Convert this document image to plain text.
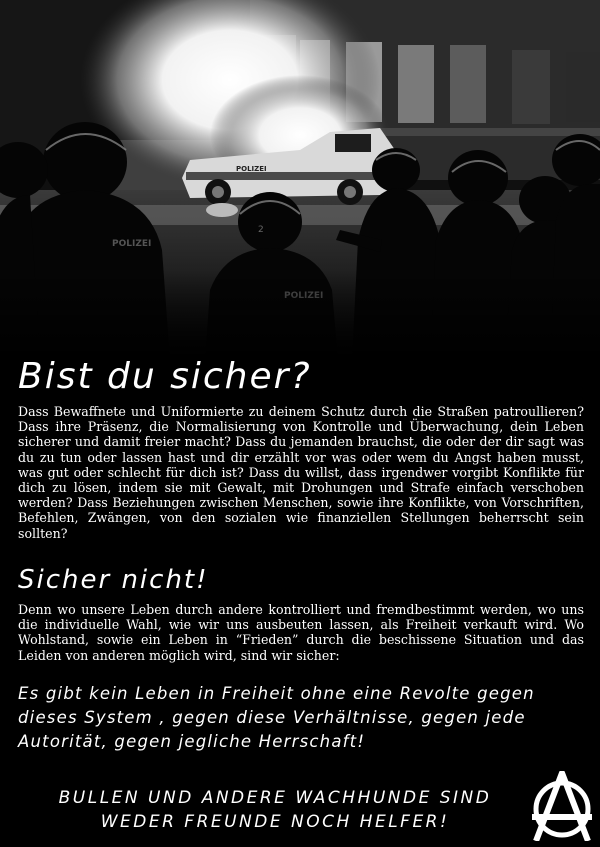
Bist du sicher?

Dass Bewaffnete und Uniformierte zu deinem Schutz durch die Straßen patroullieren? Dass ihre Präsenz, die Normalisierung von Kontrolle und Überwachung, dein Leben sicherer und damit freier macht? Dass du jemanden brauchst, die oder der dir sagt was du zu tun oder lassen hast und dir erzählt vor was oder wem du Angst haben musst, was gut oder schlecht für dich ist? Dass du willst, dass irgendwer vorgibt Konflikte für dich zu lösen, indem sie mit Gewalt, mit Drohungen und Strafe einfach verschoben werden? Dass Beziehungen zwischen Menschen, sowie ihre Konflikte, von Vorschriften, Befehlen, Zwängen, von den sozialen wie finanziellen Stellungen beherrscht sein sollten?

Sicher nicht!

Denn wo unsere Leben durch andere kontrolliert und fremdbestimmt werden, wo uns die individuelle Wahl, wie wir uns ausbeuten lassen, als Freiheit verkauft wird. Wo Wohlstand, sowie ein Leben in “Frieden” durch die beschissene Situation und das Leiden von anderen möglich wird, sind wir sicher:

Es gibt kein Leben in Freiheit ohne eine Revolte gegen dieses System , gegen diese Verhältnisse, gegen jede Autorität, gegen jegliche Herrschaft!

BULLEN UND ANDERE WACHHUNDE SIND
WEDER FREUNDE NOCH HELFER!
